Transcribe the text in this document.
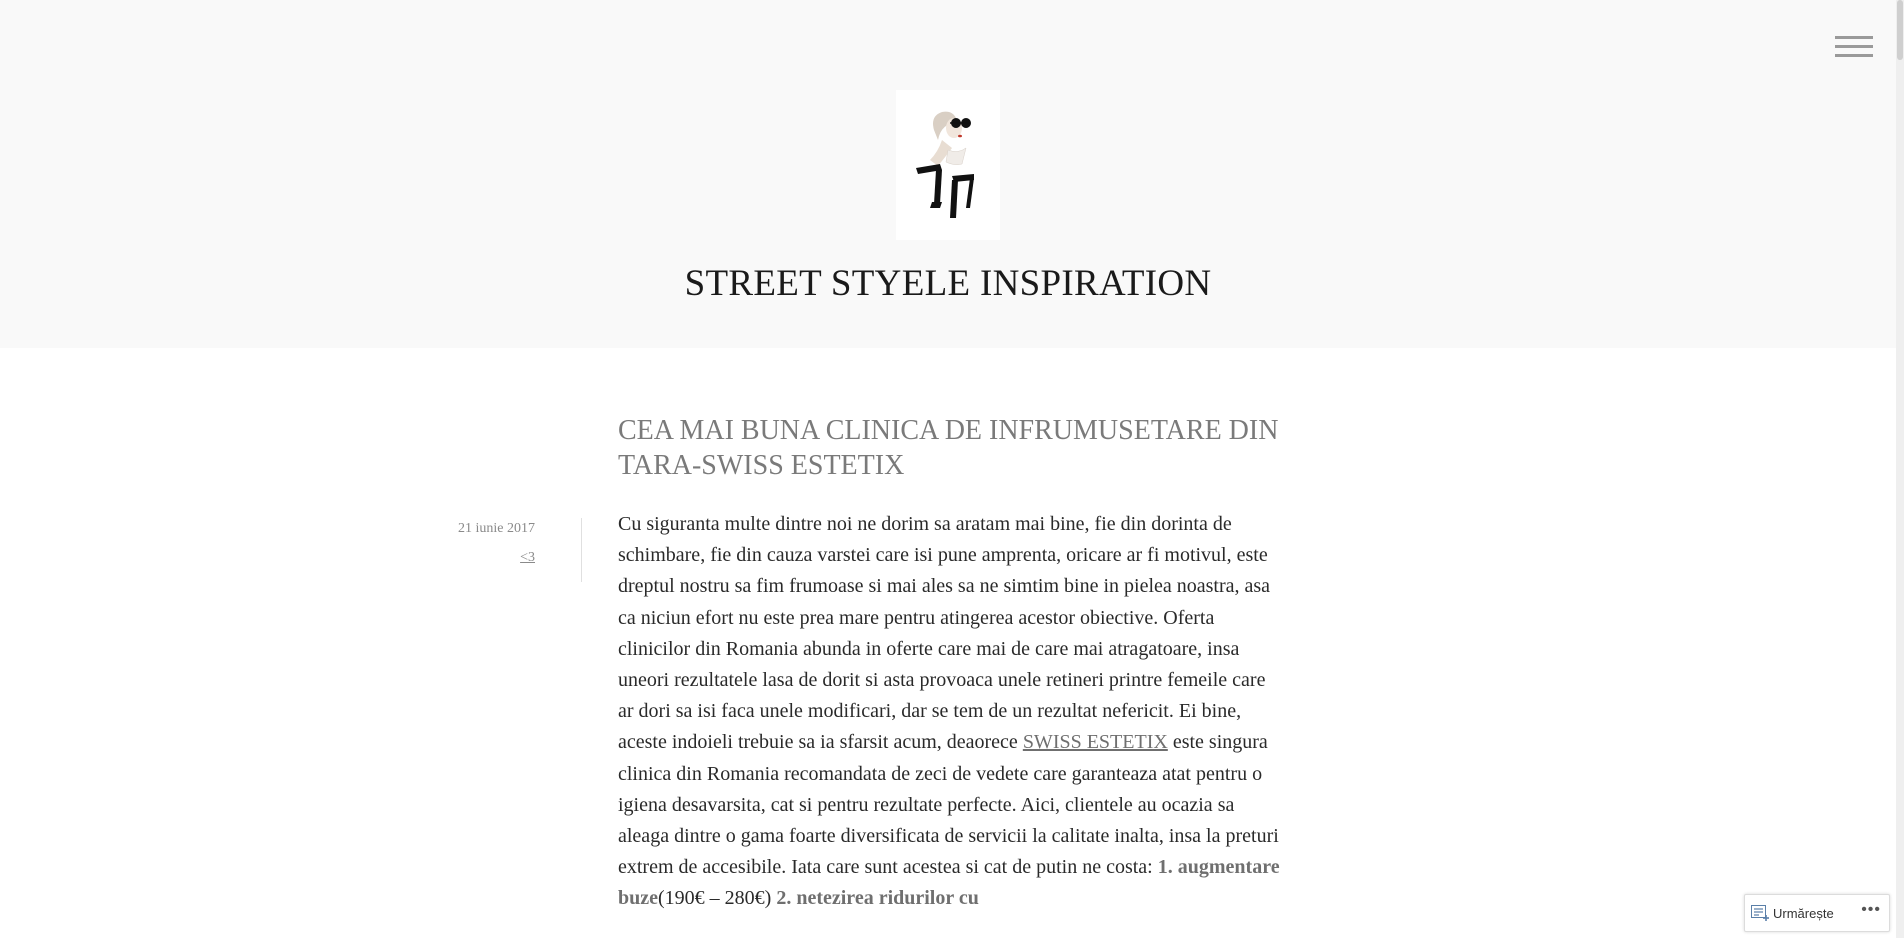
STREET STYELE INSPIRATION
CEA MAI BUNA CLINICA DE INFRUMUSETARE DIN TARA-SWISS ESTETIX
21 iunie 2017
<3
Cu siguranta multe dintre noi ne dorim sa aratam mai bine, fie din dorinta de schimbare, fie din cauza varstei care isi pune amprenta, oricare ar fi motivul, este dreptul nostru sa fim frumoase si mai ales sa ne simtim bine in pielea noastra, asa ca niciun efort nu este prea mare pentru atingerea acestor obiective. Oferta clinicilor din Romania abunda in oferte care mai de care mai atragatoare, insa uneori rezultatele lasa de dorit si asta provoaca unele retineri printre femeile care ar dori sa isi faca unele modificari, dar se tem de un rezultat nefericit. Ei bine, aceste indoieli trebuie sa ia sfarsit acum, deaorece SWISS ESTETIX este singura clinica din Romania recomandata de zeci de vedete care garanteaza atat pentru o igiena desavarsita, cat si pentru rezultate perfecte. Aici, clientele au ocazia sa aleaga dintre o gama foarte diversificata de servicii la calitate inalta, insa la preturi extrem de accesibile. Iata care sunt acestea si cat de putin ne costa: 1. augmentare buze(190€ – 280€) 2. netezirea ridurilor cu
Urmărește •••
